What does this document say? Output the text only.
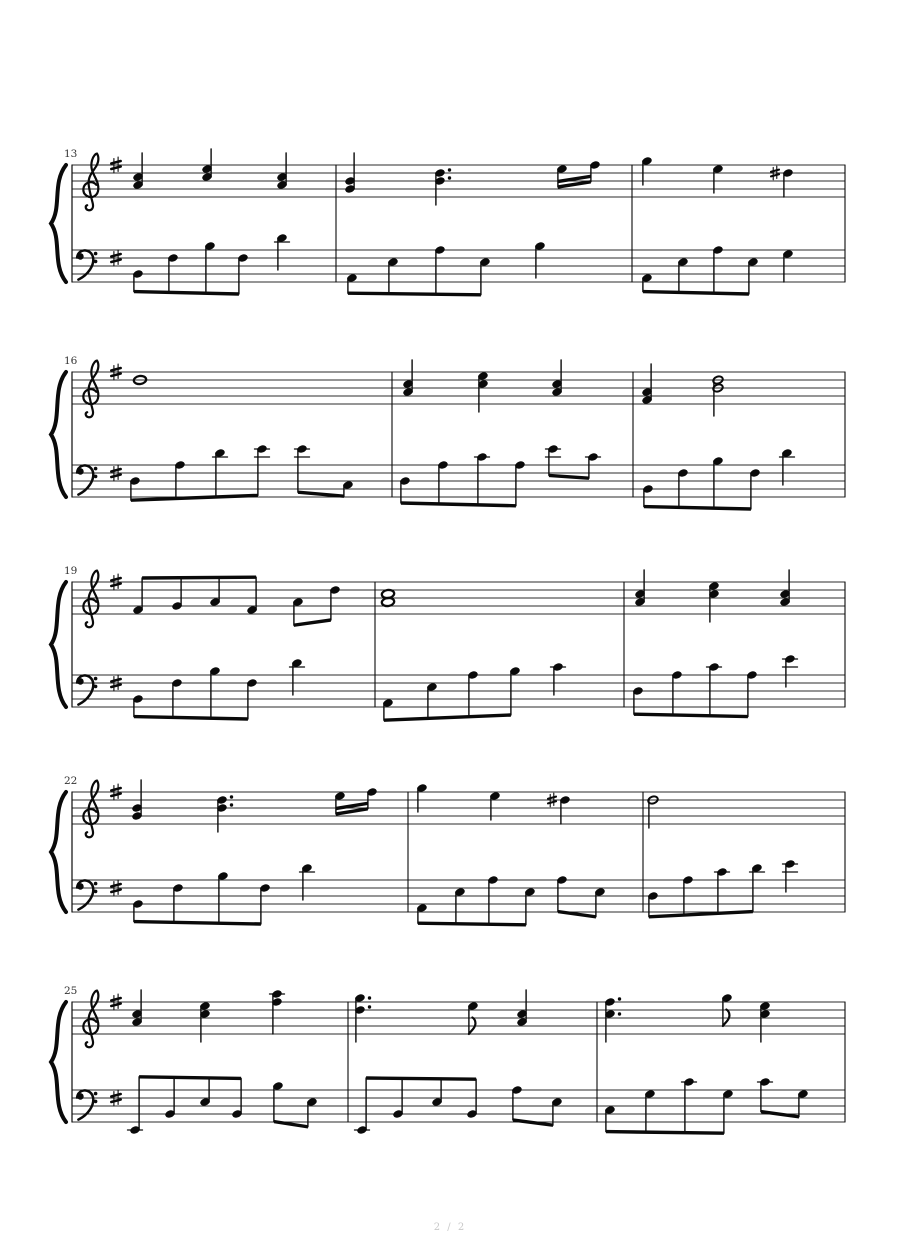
13
16
19
22
25
2 / 2
